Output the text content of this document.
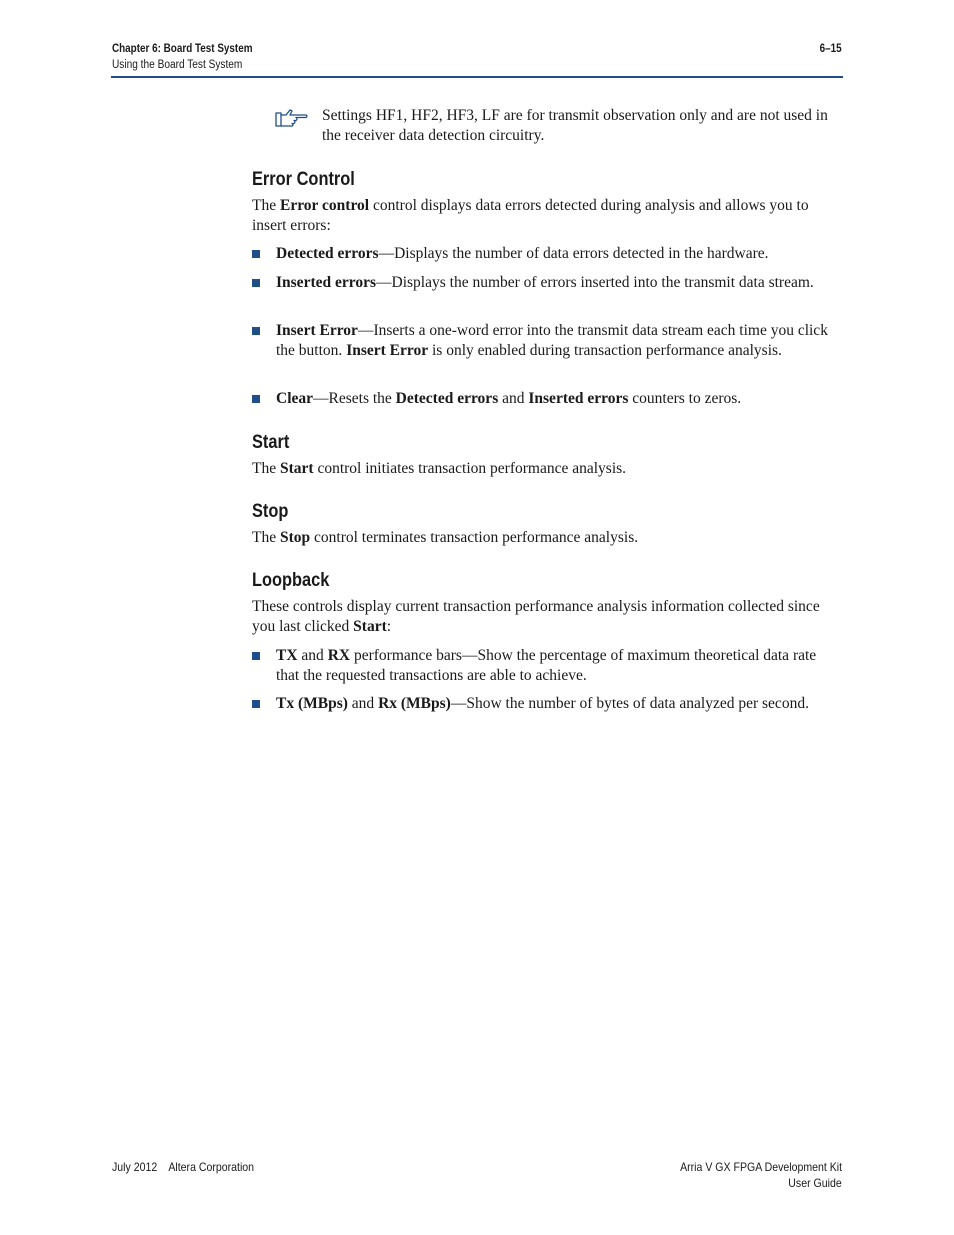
Chapter 6: Board Test System
Using the Board Test System
6–15
Settings HF1, HF2, HF3, LF are for transmit observation only and are not used in the receiver data detection circuitry.
Error Control
The Error control control displays data errors detected during analysis and allows you to insert errors:
Detected errors—Displays the number of data errors detected in the hardware.
Inserted errors—Displays the number of errors inserted into the transmit data stream.
Insert Error—Inserts a one-word error into the transmit data stream each time you click the button. Insert Error is only enabled during transaction performance analysis.
Clear—Resets the Detected errors and Inserted errors counters to zeros.
Start
The Start control initiates transaction performance analysis.
Stop
The Stop control terminates transaction performance analysis.
Loopback
These controls display current transaction performance analysis information collected since you last clicked Start:
TX and RX performance bars—Show the percentage of maximum theoretical data rate that the requested transactions are able to achieve.
Tx (MBps) and Rx (MBps)—Show the number of bytes of data analyzed per second.
July 2012    Altera Corporation	Arria V GX FPGA Development Kit
User Guide
